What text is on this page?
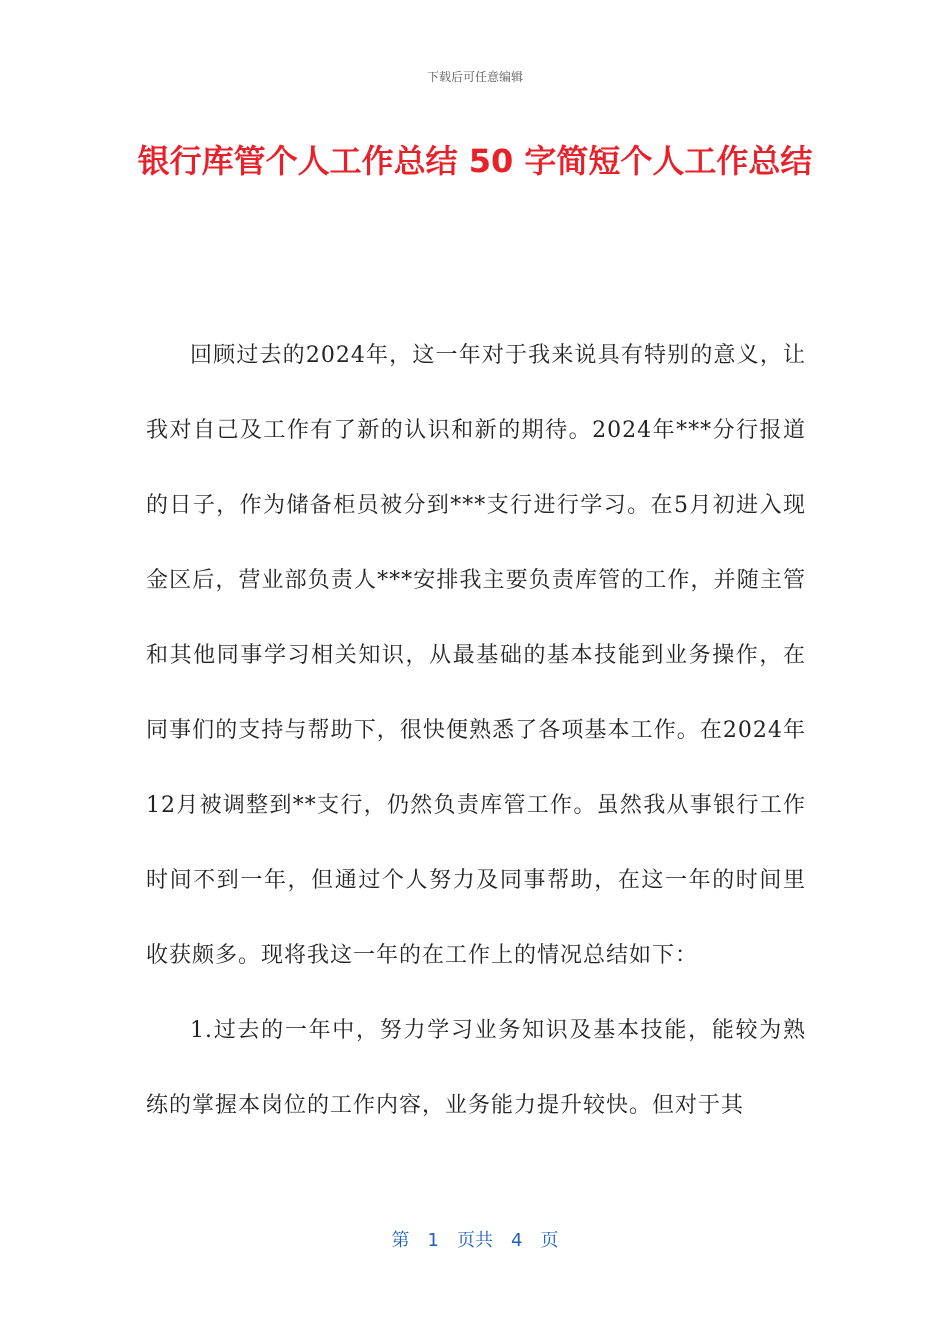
下载后可任意编辑
银行库管个人工作总结 50 字简短个人工作总结

回顾过去的2024年，这一年对于我来说具有特别的意义，让我对自己及工作有了新的认识和新的期待。2024年***分行报道的日子，作为储备柜员被分到***支行进行学习。在5月初进入现金区后，营业部负责人***安排我主要负责库管的工作，并随主管和其他同事学习相关知识，从最基础的基本技能到业务操作，在同事们的支持与帮助下，很快便熟悉了各项基本工作。在2024年12月被调整到**支行，仍然负责库管工作。虽然我从事银行工作时间不到一年，但通过个人努力及同事帮助，在这一年的时间里收获颇多。现将我这一年的在工作上的情况总结如下：

1.过去的一年中，努力学习业务知识及基本技能，能较为熟练的掌握本岗位的工作内容，业务能力提升较快。但对于其

第　1　页共　4　页
